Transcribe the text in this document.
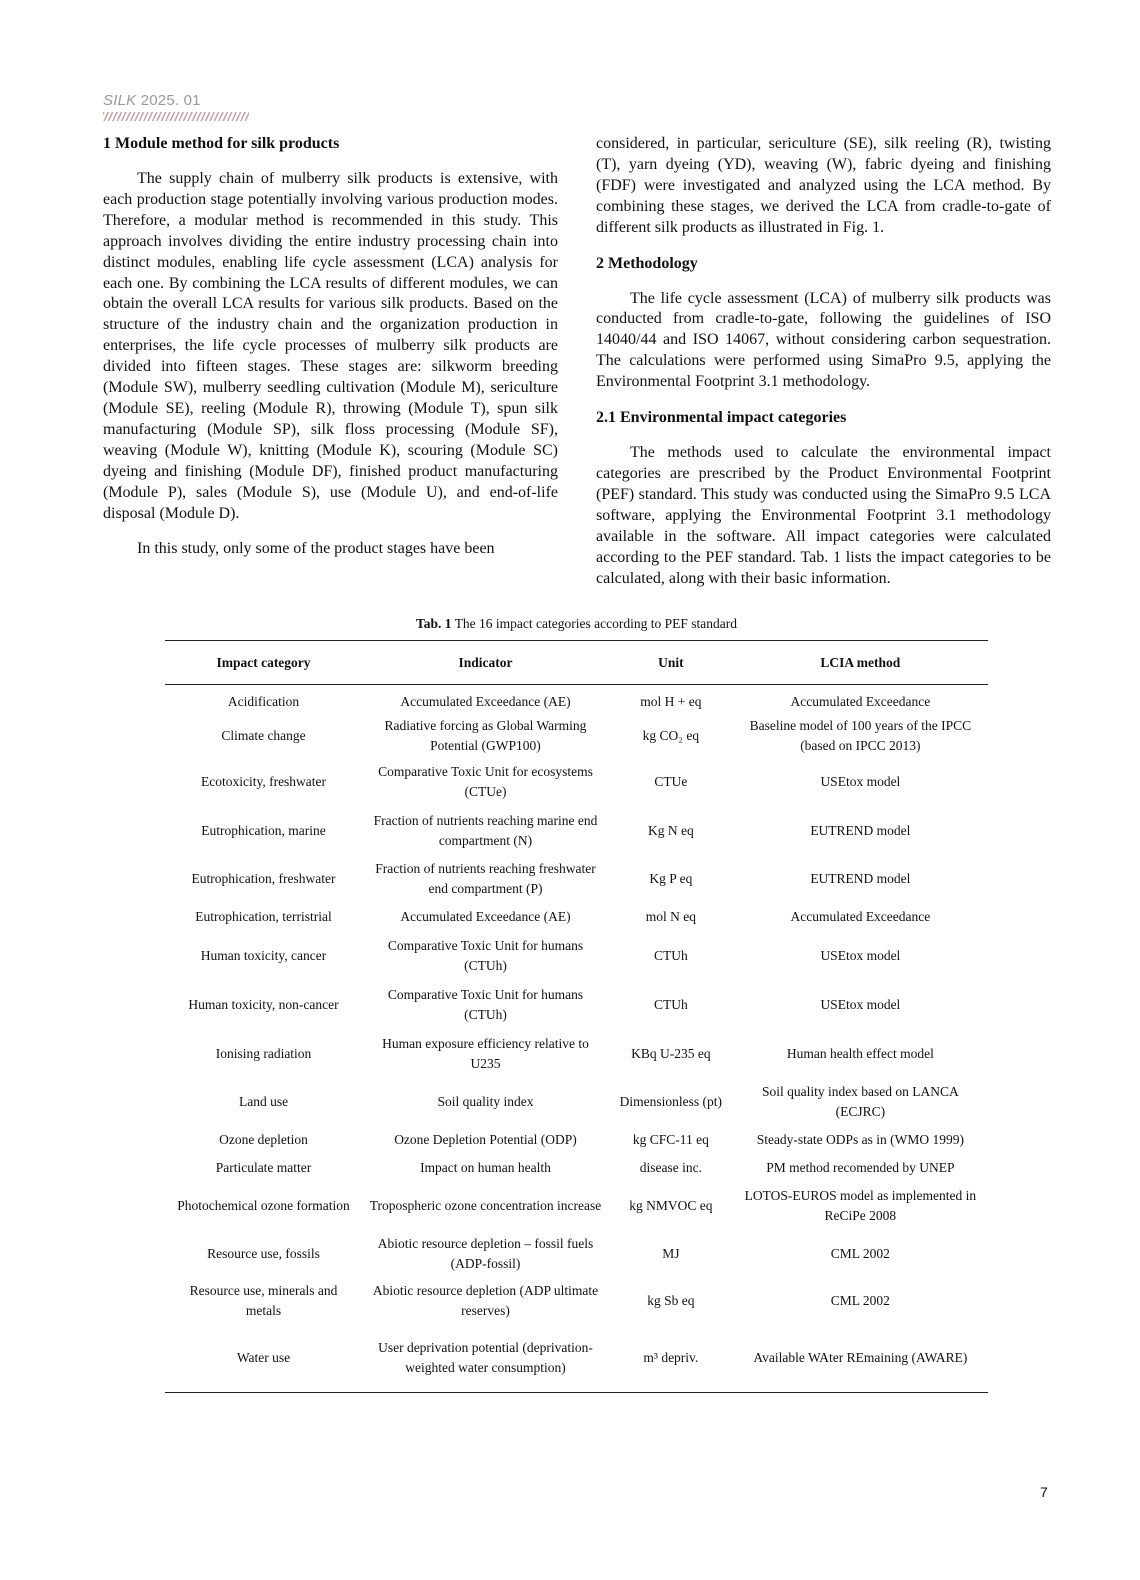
SILK 2025. 01
1 Module method for silk products

The supply chain of mulberry silk products is extensive, with each production stage potentially involving various production modes. Therefore, a modular method is recommended in this study. This approach involves dividing the entire industry processing chain into distinct modules, enabling life cycle assessment (LCA) analysis for each one. By combining the LCA results of different modules, we can obtain the overall LCA results for various silk products. Based on the structure of the industry chain and the organization production in enterprises, the life cycle processes of mulberry silk products are divided into fifteen stages. These stages are: silkworm breeding (Module SW), mulberry seedling cultivation (Module M), sericulture (Module SE), reeling (Module R), throwing (Module T), spun silk manufacturing (Module SP), silk floss processing (Module SF), weaving (Module W), knitting (Module K), scouring (Module SC) dyeing and finishing (Module DF), finished product manufacturing (Module P), sales (Module S), use (Module U), and end-of-life disposal (Module D).

In this study, only some of the product stages have been

considered, in particular, sericulture (SE), silk reeling (R), twisting (T), yarn dyeing (YD), weaving (W), fabric dyeing and finishing (FDF) were investigated and analyzed using the LCA method. By combining these stages, we derived the LCA from cradle-to-gate of different silk products as illustrated in Fig. 1.

2 Methodology

The life cycle assessment (LCA) of mulberry silk products was conducted from cradle-to-gate, following the guidelines of ISO 14040/44 and ISO 14067, without considering carbon sequestration. The calculations were performed using SimaPro 9.5, applying the Environmental Footprint 3.1 methodology.

2.1 Environmental impact categories

The methods used to calculate the environmental impact categories are prescribed by the Product Environmental Footprint (PEF) standard. This study was conducted using the SimaPro 9.5 LCA software, applying the Environmental Footprint 3.1 methodology available in the software. All impact categories were calculated according to the PEF standard. Tab. 1 lists the impact categories to be calculated, along with their basic information.

Tab. 1 The 16 impact categories according to PEF standard
Impact category	Indicator	Unit	LCIA method
Acidification	Accumulated Exceedance (AE)	mol H + eq	Accumulated Exceedance
Climate change	Radiative forcing as Global Warming Potential (GWP100)	kg CO₂ eq	Baseline model of 100 years of the IPCC (based on IPCC 2013)
Ecotoxicity, freshwater	Comparative Toxic Unit for ecosystems (CTUe)	CTUe	USEtox model
Eutrophication, marine	Fraction of nutrients reaching marine end compartment (N)	Kg N eq	EUTREND model
Eutrophication, freshwater	Fraction of nutrients reaching freshwater end compartment (P)	Kg P eq	EUTREND model
Eutrophication, terristrial	Accumulated Exceedance (AE)	mol N eq	Accumulated Exceedance
Human toxicity, cancer	Comparative Toxic Unit for humans (CTUh)	CTUh	USEtox model
Human toxicity, non-cancer	Comparative Toxic Unit for humans (CTUh)	CTUh	USEtox model
Ionising radiation	Human exposure efficiency relative to U235	KBq U-235 eq	Human health effect model
Land use	Soil quality index	Dimensionless (pt)	Soil quality index based on LANCA (ECJRC)
Ozone depletion	Ozone Depletion Potential (ODP)	kg CFC-11 eq	Steady-state ODPs as in (WMO 1999)
Particulate matter	Impact on human health	disease inc.	PM method recomended by UNEP
Photochemical ozone formation	Tropospheric ozone concentration increase	kg NMVOC eq	LOTOS-EUROS model as implemented in ReCiPe 2008
Resource use, fossils	Abiotic resource depletion – fossil fuels (ADP-fossil)	MJ	CML 2002
Resource use, minerals and metals	Abiotic resource depletion (ADP ultimate reserves)	kg Sb eq	CML 2002
Water use	User deprivation potential (deprivation-weighted water consumption)	m³ depriv.	Available WAter REmaining (AWARE)
7
